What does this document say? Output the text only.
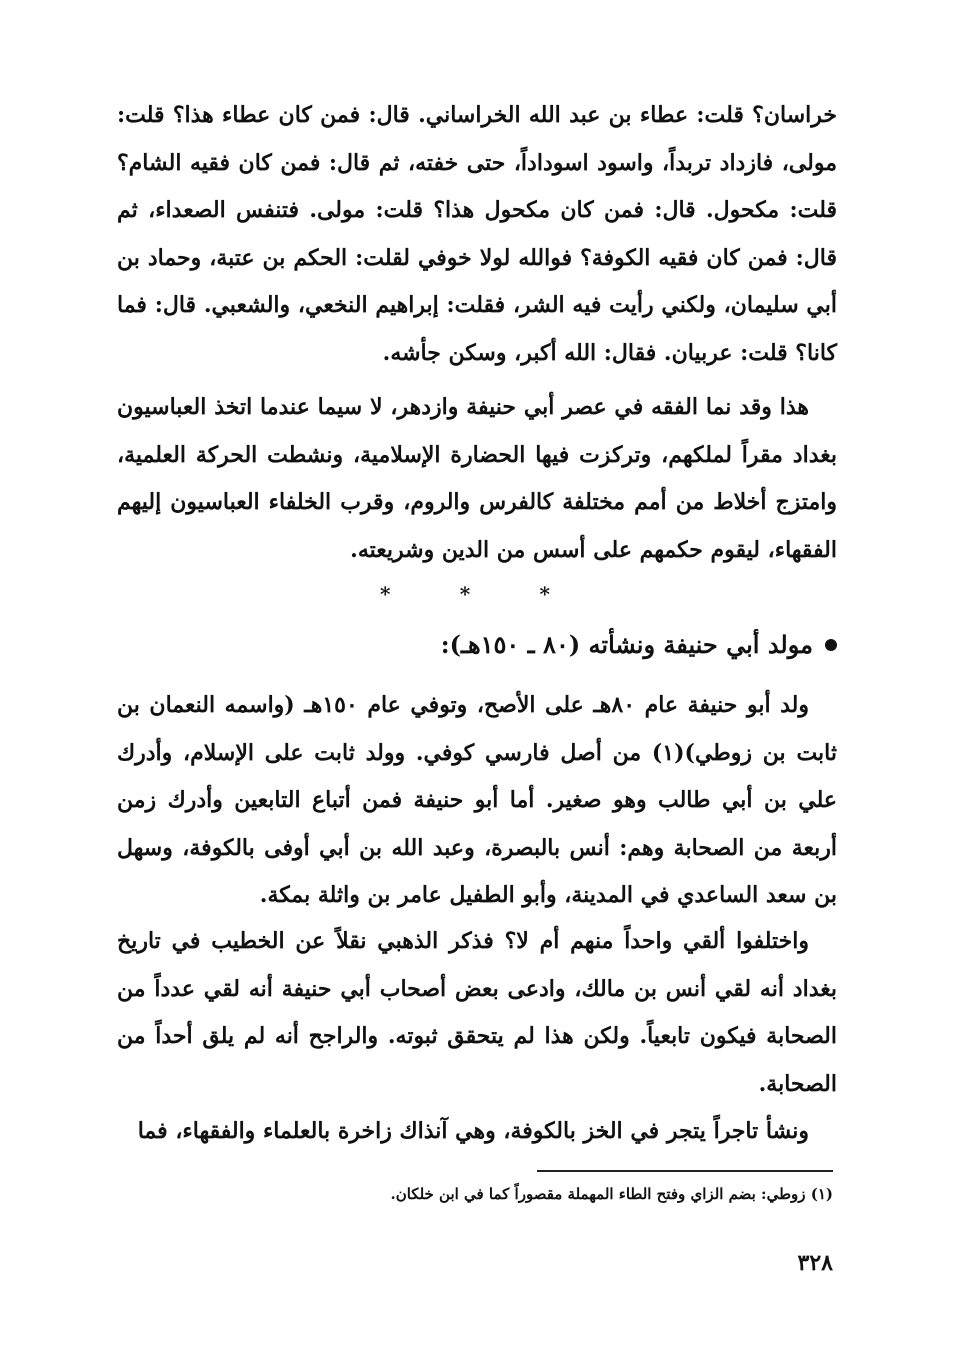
خراسان؟ قلت: عطاء بن عبد الله الخراساني. قال: فمن كان عطاء هذا؟ قلت: مولى، فازداد تربداً، واسود اسوداداً، حتى خفته، ثم قال: فمن كان فقيه الشام؟ قلت: مكحول. قال: فمن كان مكحول هذا؟ قلت: مولى. فتنفس الصعداء، ثم قال: فمن كان فقيه الكوفة؟ فوالله لولا خوفي لقلت: الحكم بن عتبة، وحماد بن أبي سليمان، ولكني رأيت فيه الشر، فقلت: إبراهيم النخعي، والشعبي. قال: فما كانا؟ قلت: عربيان. فقال: الله أكبر، وسكن جأشه.

هذا وقد نما الفقه في عصر أبي حنيفة وازدهر، لا سيما عندما اتخذ العباسيون بغداد مقراً لملكهم، وتركزت فيها الحضارة الإسلامية، ونشطت الحركة العلمية، وامتزج أخلاط من أمم مختلفة كالفرس والروم، وقرب الخلفاء العباسيون إليهم الفقهاء، ليقوم حكمهم على أسس من الدين وشريعته.

*
*
*
مولد أبي حنيفة ونشأته (٨٠ ـ ١٥٠هـ):

ولد أبو حنيفة عام ٨٠هـ على الأصح، وتوفي عام ١٥٠هـ (واسمه النعمان بن ثابت بن زوطي)(١) من أصل فارسي كوفي. وولد ثابت على الإسلام، وأدرك علي بن أبي طالب وهو صغير. أما أبو حنيفة فمن أتباع التابعين وأدرك زمن أربعة من الصحابة وهم: أنس بالبصرة، وعبد الله بن أبي أوفى بالكوفة، وسهل بن سعد الساعدي في المدينة، وأبو الطفيل عامر بن واثلة بمكة.

واختلفوا ألقي واحداً منهم أم لا؟ فذكر الذهبي نقلاً عن الخطيب في تاريخ بغداد أنه لقي أنس بن مالك، وادعى بعض أصحاب أبي حنيفة أنه لقي عدداً من الصحابة فيكون تابعياً. ولكن هذا لم يتحقق ثبوته. والراجح أنه لم يلق أحداً من الصحابة.

ونشأ تاجراً يتجر في الخز بالكوفة، وهي آنذاك زاخرة بالعلماء والفقهاء، فما

(١) زوطي: بضم الزاي وفتح الطاء المهملة مقصوراً كما في ابن خلكان.
٣٢٨
